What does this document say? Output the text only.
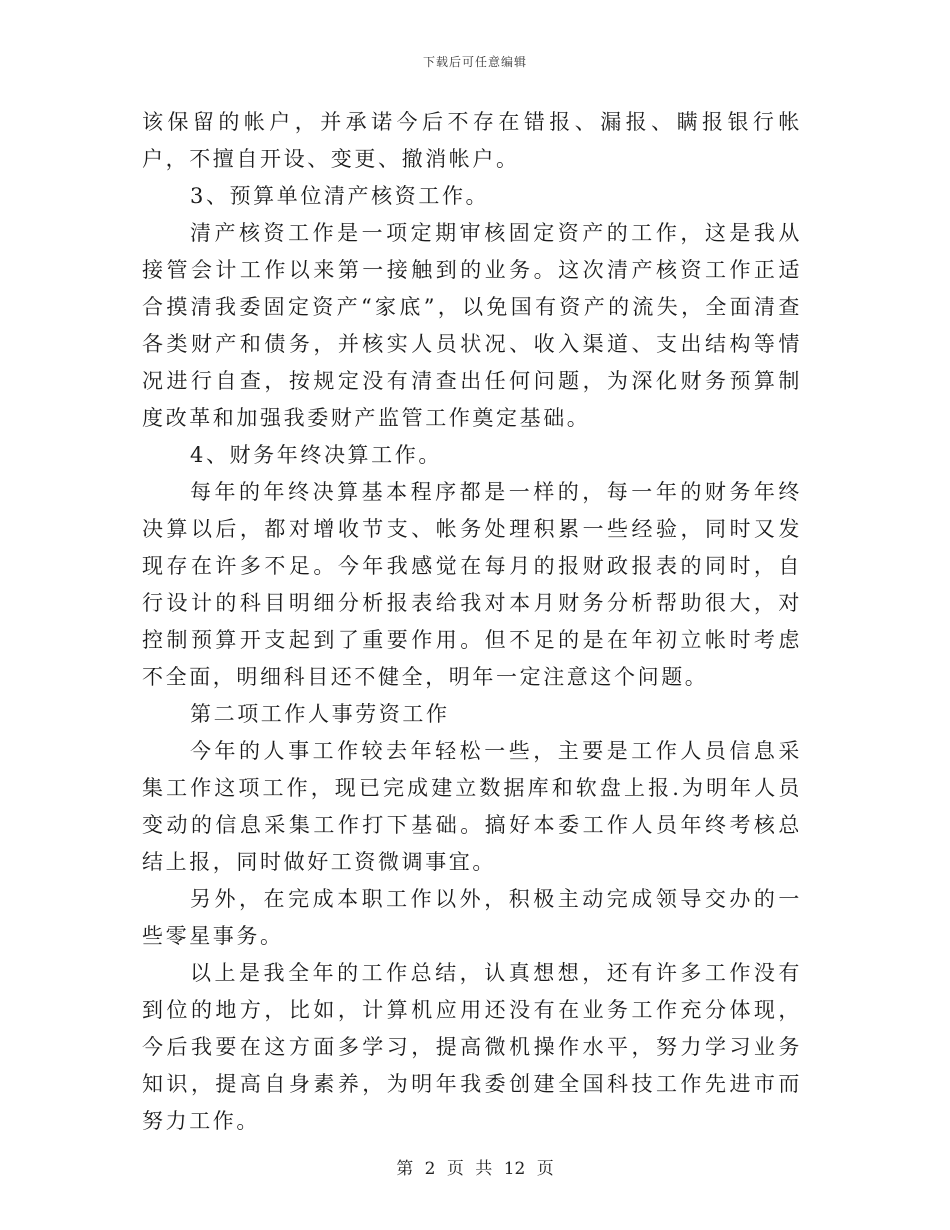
下载后可任意编辑

该保留的帐户，并承诺今后不存在错报、漏报、瞒报银行帐户，不擅自开设、变更、撤消帐户。

3、预算单位清产核资工作。

清产核资工作是一项定期审核固定资产的工作，这是我从接管会计工作以来第一接触到的业务。这次清产核资工作正适合摸清我委固定资产“家底”，以免国有资产的流失，全面清查各类财产和债务，并核实人员状况、收入渠道、支出结构等情况进行自查，按规定没有清查出任何问题，为深化财务预算制度改革和加强我委财产监管工作奠定基础。

4、财务年终决算工作。

每年的年终决算基本程序都是一样的，每一年的财务年终决算以后，都对增收节支、帐务处理积累一些经验，同时又发现存在许多不足。今年我感觉在每月的报财政报表的同时，自行设计的科目明细分析报表给我对本月财务分析帮助很大，对控制预算开支起到了重要作用。但不足的是在年初立帐时考虑不全面，明细科目还不健全，明年一定注意这个问题。

第二项工作人事劳资工作

今年的人事工作较去年轻松一些，主要是工作人员信息采集工作这项工作，现已完成建立数据库和软盘上报.为明年人员变动的信息采集工作打下基础。搞好本委工作人员年终考核总结上报，同时做好工资微调事宜。

另外，在完成本职工作以外，积极主动完成领导交办的一些零星事务。

以上是我全年的工作总结，认真想想，还有许多工作没有到位的地方，比如，计算机应用还没有在业务工作充分体现，今后我要在这方面多学习，提高微机操作水平，努力学习业务知识，提高自身素养，为明年我委创建全国科技工作先进市而努力工作。

第 2 页 共 12 页
